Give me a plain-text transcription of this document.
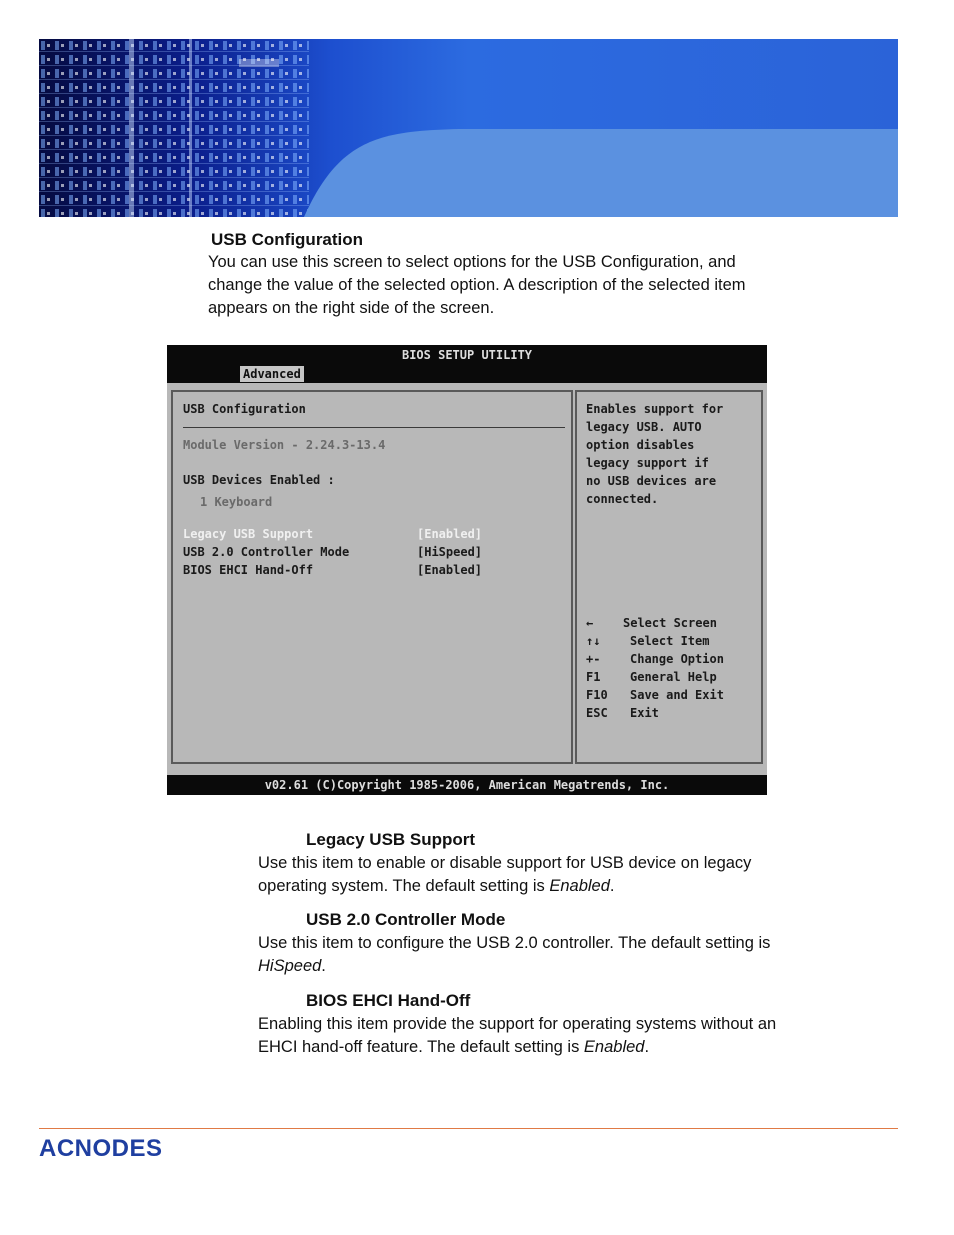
USB Configuration
You can use this screen to select options for the USB Configuration, and change the value of the selected option. A description of the selected item appears on the right side of the screen.
BIOS SETUP UTILITY
Advanced
USB Configuration
Module Version - 2.24.3-13.4
USB Devices Enabled :
1 Keyboard
Legacy USB Support	[Enabled]
USB 2.0 Controller Mode	[HiSpeed]
BIOS EHCI Hand-Off	[Enabled]
Enables support for
legacy USB. AUTO
option disables
legacy support if
no USB devices are
connected.
← Select Screen
↑↓ Select Item
+- Change Option
F1 General Help
F10 Save and Exit
ESC Exit
v02.61 (C)Copyright 1985-2006, American Megatrends, Inc.
Legacy USB Support
Use this item to enable or disable support for USB device on legacy operating system. The default setting is Enabled.
USB 2.0 Controller Mode
Use this item to configure the USB 2.0 controller. The default setting is HiSpeed.
BIOS EHCI Hand-Off
Enabling this item provide the support for operating systems without an EHCI hand-off feature. The default setting is Enabled.
ACNODES
